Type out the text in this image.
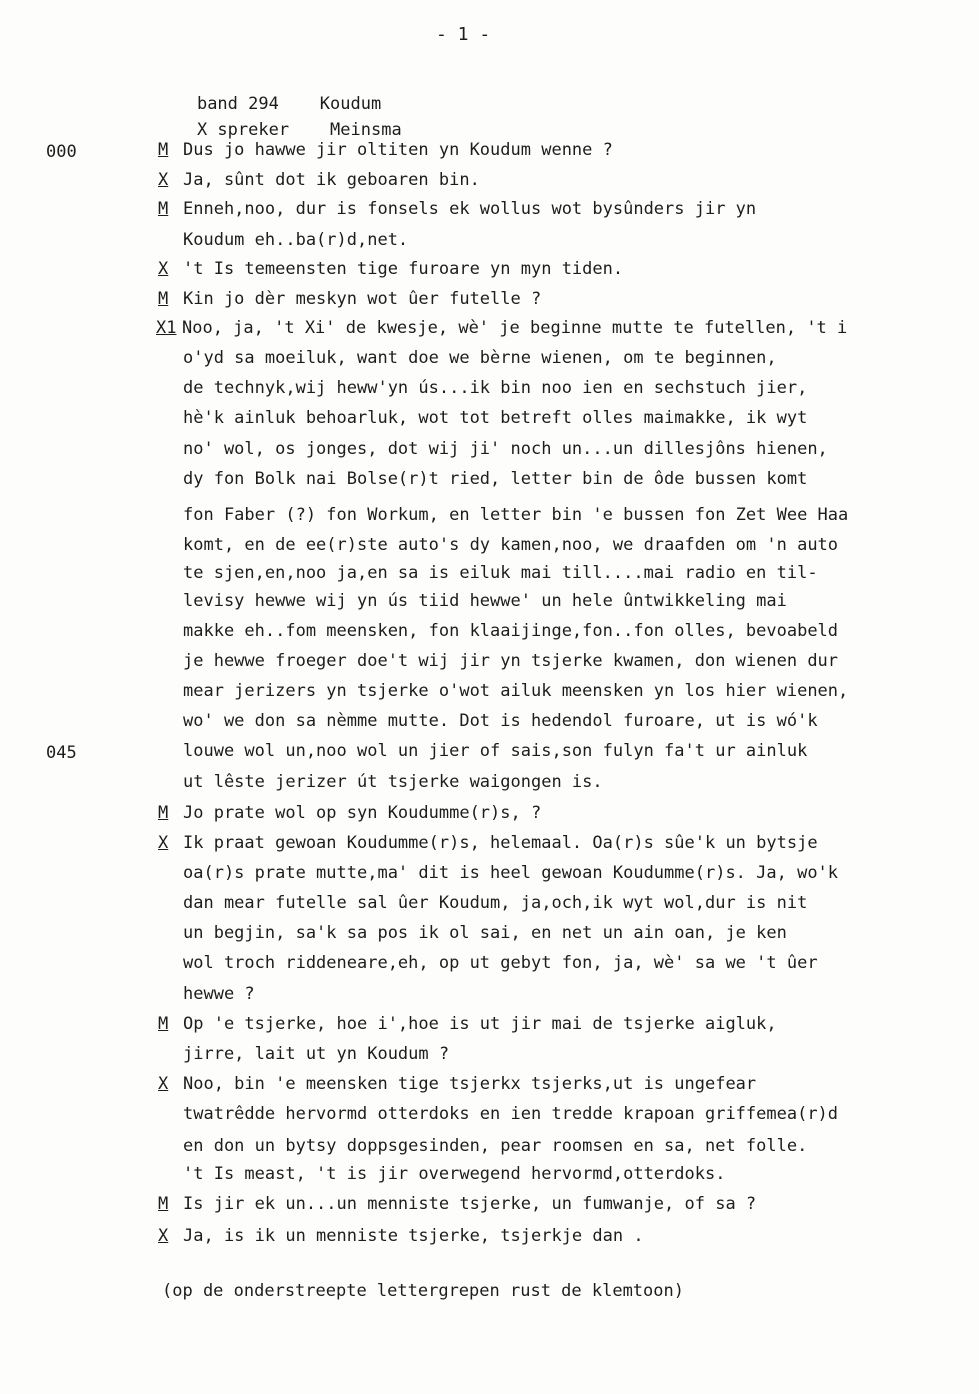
- 1 -

band 294 Koudum

X spreker Meinsma

000
045
M Dus jo hawwe jir oltiten yn Koudum wenne ?
X Ja, sûnt dot ik geboaren bin.
M Enneh,noo, dur is fonsels ek wollus wot bysûnders jir yn
Koudum eh..ba(r)d,net.
X 't Is temeensten tige furoare yn myn tiden.
M Kin jo dèr meskyn wot ûer futelle ?
X1 Noo, ja, 't Xi' de kwesje, wè' je beginne mutte te futellen, 't i
o'yd sa moeiluk, want doe we bèrne wienen, om te beginnen,
de technyk,wij heww'yn ús...ik bin noo ien en sechstuch jier,
hè'k ainluk behoarluk, wot tot betreft olles maimakke, ik wyt
no' wol, os jonges, dot wij ji' noch un...un dillesjôns hienen,
dy fon Bolk nai Bolse(r)t ried, letter bin de ôde bussen komt
fon Faber (?) fon Workum, en letter bin 'e bussen fon Zet Wee Haa
komt, en de ee(r)ste auto's dy kamen,noo, we draafden om 'n auto
te sjen,en,noo ja,en sa is eiluk mai till....mai radio en til-
levisy hewwe wij yn ús tiid hewwe' un hele ûntwikkeling mai
makke eh..fom meensken, fon klaaijinge,fon..fon olles, bevoabeld
je hewwe froeger doe't wij jir yn tsjerke kwamen, don wienen dur
mear jerizers yn tsjerke o'wot ailuk meensken yn los hier wienen,
wo' we don sa nèmme mutte. Dot is hedendol furoare, ut is wó'k
louwe wol un,noo wol un jier of sais,son fulyn fa't ur ainluk
ut lêste jerizer út tsjerke waigongen is.
M Jo prate wol op syn Koudumme(r)s, ?
X Ik praat gewoan Koudumme(r)s, helemaal. Oa(r)s sûe'k un bytsje
oa(r)s prate mutte,ma' dit is heel gewoan Koudumme(r)s. Ja, wo'k
dan mear futelle sal ûer Koudum, ja,och,ik wyt wol,dur is nit
un begjin, sa'k sa pos ik ol sai, en net un ain oan, je ken
wol troch riddeneare,eh, op ut gebyt fon, ja, wè' sa we 't ûer
hewwe ?
M Op 'e tsjerke, hoe i',hoe is ut jir mai de tsjerke aigluk,
jirre, lait ut yn Koudum ?
X Noo, bin 'e meensken tige tsjerkx tsjerks,ut is ungefear
twatrêdde hervormd otterdoks en ien tredde krapoan griffemea(r)d
en don un bytsy doppsgesinden, pear roomsen en sa, net folle.
't Is meast, 't is jir overwegend hervormd,otterdoks.
M Is jir ek un...un menniste tsjerke, un fumwanje, of sa ?
X Ja, is ik un menniste tsjerke, tsjerkje dan .
(op de onderstreepte lettergrepen rust de klemtoon)
